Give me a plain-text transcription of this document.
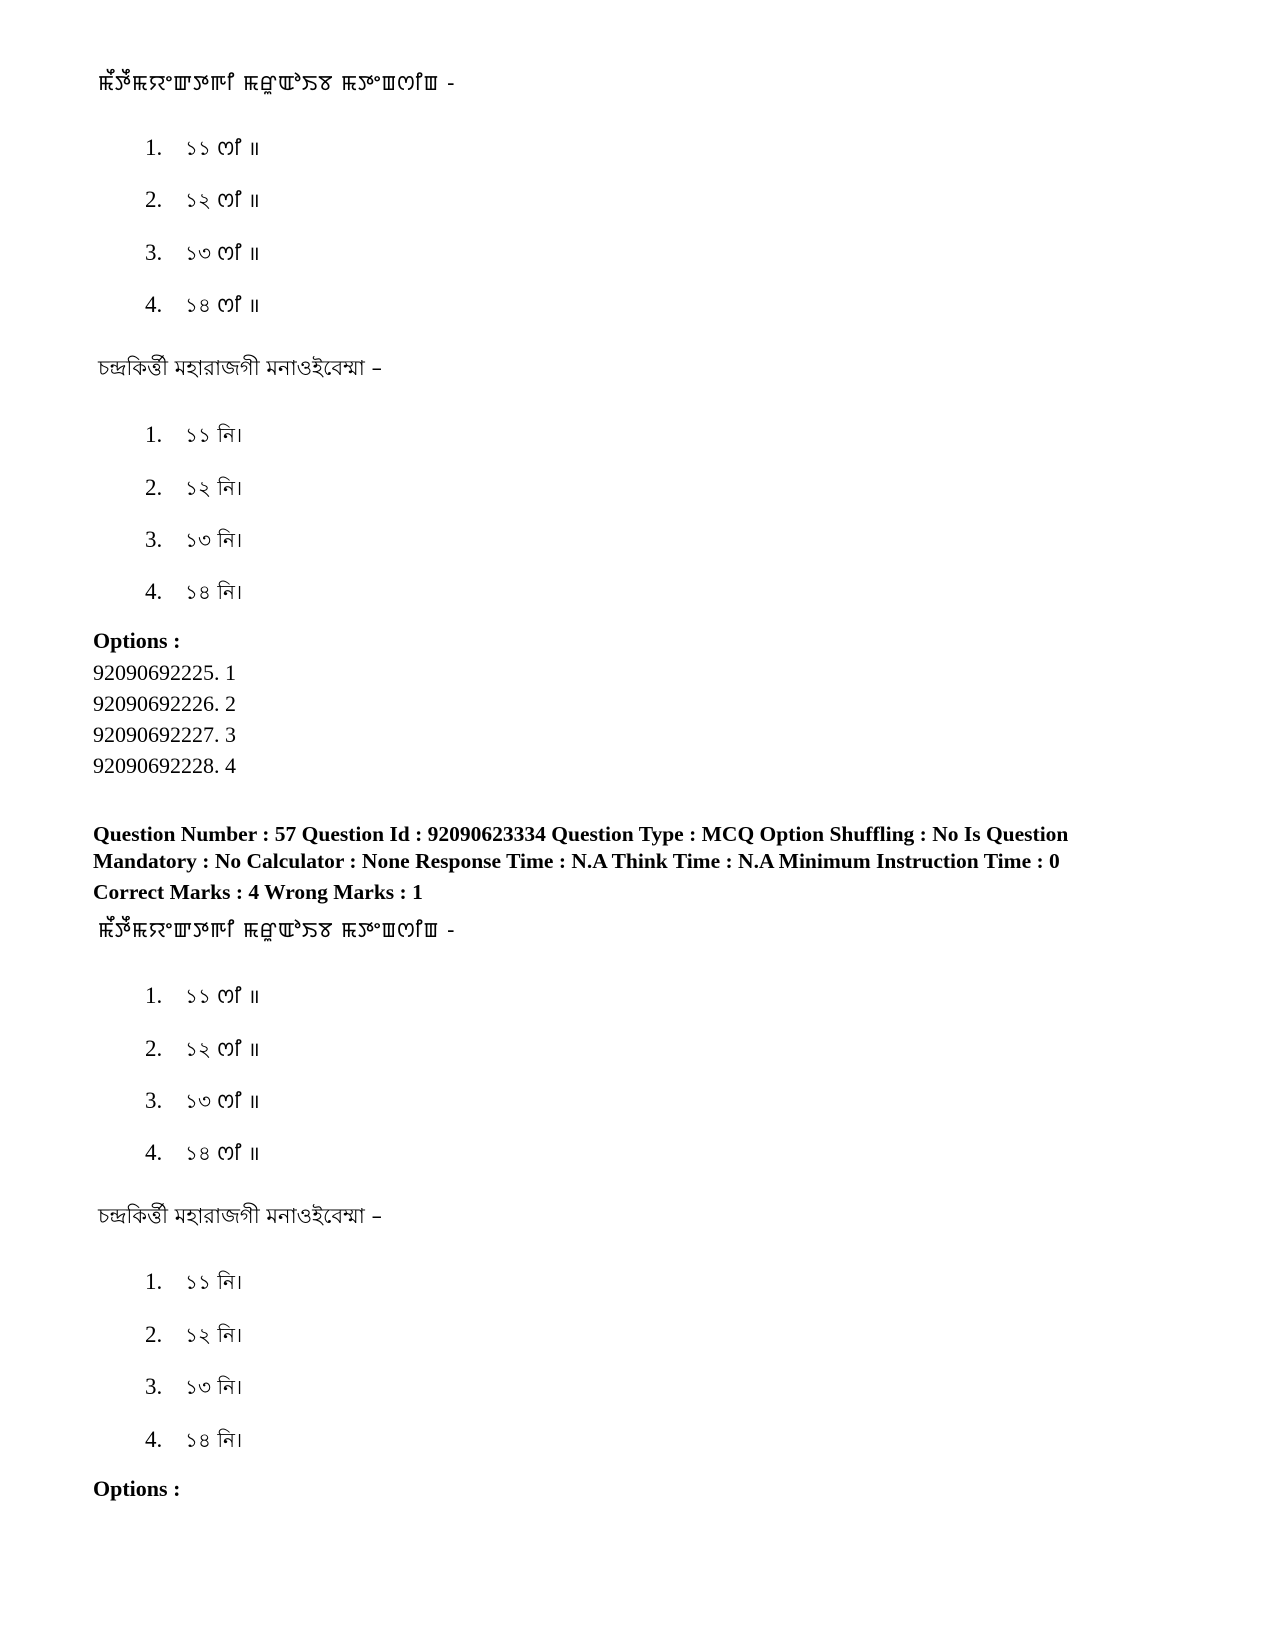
ꯃꯩꯇꯩꯃꯌꯦꯛꯇꯒꯤ ꯃꯔꯨꯑꯣꯏꯕ ꯃꯇꯦꯡꯁꯤꯡ -
1. ১১ ꯁꯤ ॥
2. ১২ ꯁꯤ ॥
3. ১৩ ꯁꯤ ॥
4. ১৪ ꯁꯤ ॥
চন্দ্রকির্ত্তী মহারাজগী মনাওইবেম্মা –
1. ১১ নি।
2. ১২ নি।
3. ১৩ নি।
4. ১৪ নি।
Options :
92090692225. 1
92090692226. 2
92090692227. 3
92090692228. 4
Question Number : 57 Question Id : 92090623334 Question Type : MCQ Option Shuffling : No Is Question
Mandatory : No Calculator : None Response Time : N.A Think Time : N.A Minimum Instruction Time : 0
Correct Marks : 4 Wrong Marks : 1
ꯃꯩꯇꯩꯃꯌꯦꯛꯇꯒꯤ ꯃꯔꯨꯑꯣꯏꯕ ꯃꯇꯦꯡꯁꯤꯡ -
1. ১১ ꯁꯤ ॥
2. ১২ ꯁꯤ ॥
3. ১৩ ꯁꯤ ॥
4. ১৪ ꯁꯤ ॥
চন্দ্রকির্ত্তী মহারাজগী মনাওইবেম্মা –
1. ১১ নি।
2. ১২ নি।
3. ১৩ নি।
4. ১৪ নি।
Options :
